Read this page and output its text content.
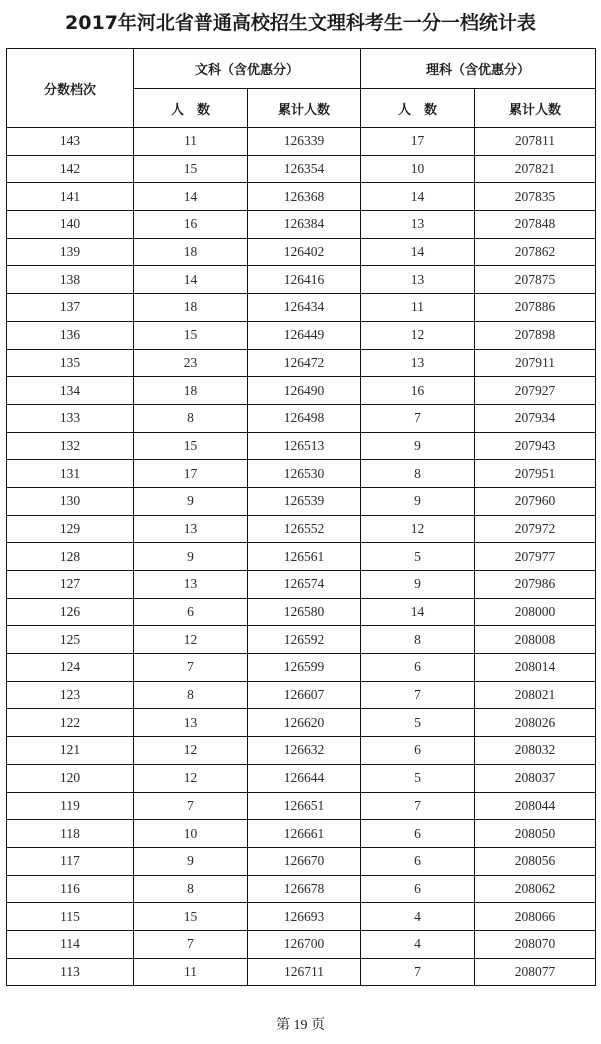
2017年河北省普通高校招生文理科考生一分一档统计表
分数档次	文科（含优惠分）		理科（含优惠分）	
	人　数	累计人数	人　数	累计人数
143	11	126339	17	207811
142	15	126354	10	207821
141	14	126368	14	207835
140	16	126384	13	207848
139	18	126402	14	207862
138	14	126416	13	207875
137	18	126434	11	207886
136	15	126449	12	207898
135	23	126472	13	207911
134	18	126490	16	207927
133	8	126498	7	207934
132	15	126513	9	207943
131	17	126530	8	207951
130	9	126539	9	207960
129	13	126552	12	207972
128	9	126561	5	207977
127	13	126574	9	207986
126	6	126580	14	208000
125	12	126592	8	208008
124	7	126599	6	208014
123	8	126607	7	208021
122	13	126620	5	208026
121	12	126632	6	208032
120	12	126644	5	208037
119	7	126651	7	208044
118	10	126661	6	208050
117	9	126670	6	208056
116	8	126678	6	208062
115	15	126693	4	208066
114	7	126700	4	208070
113	11	126711	7	208077
第 19 页
